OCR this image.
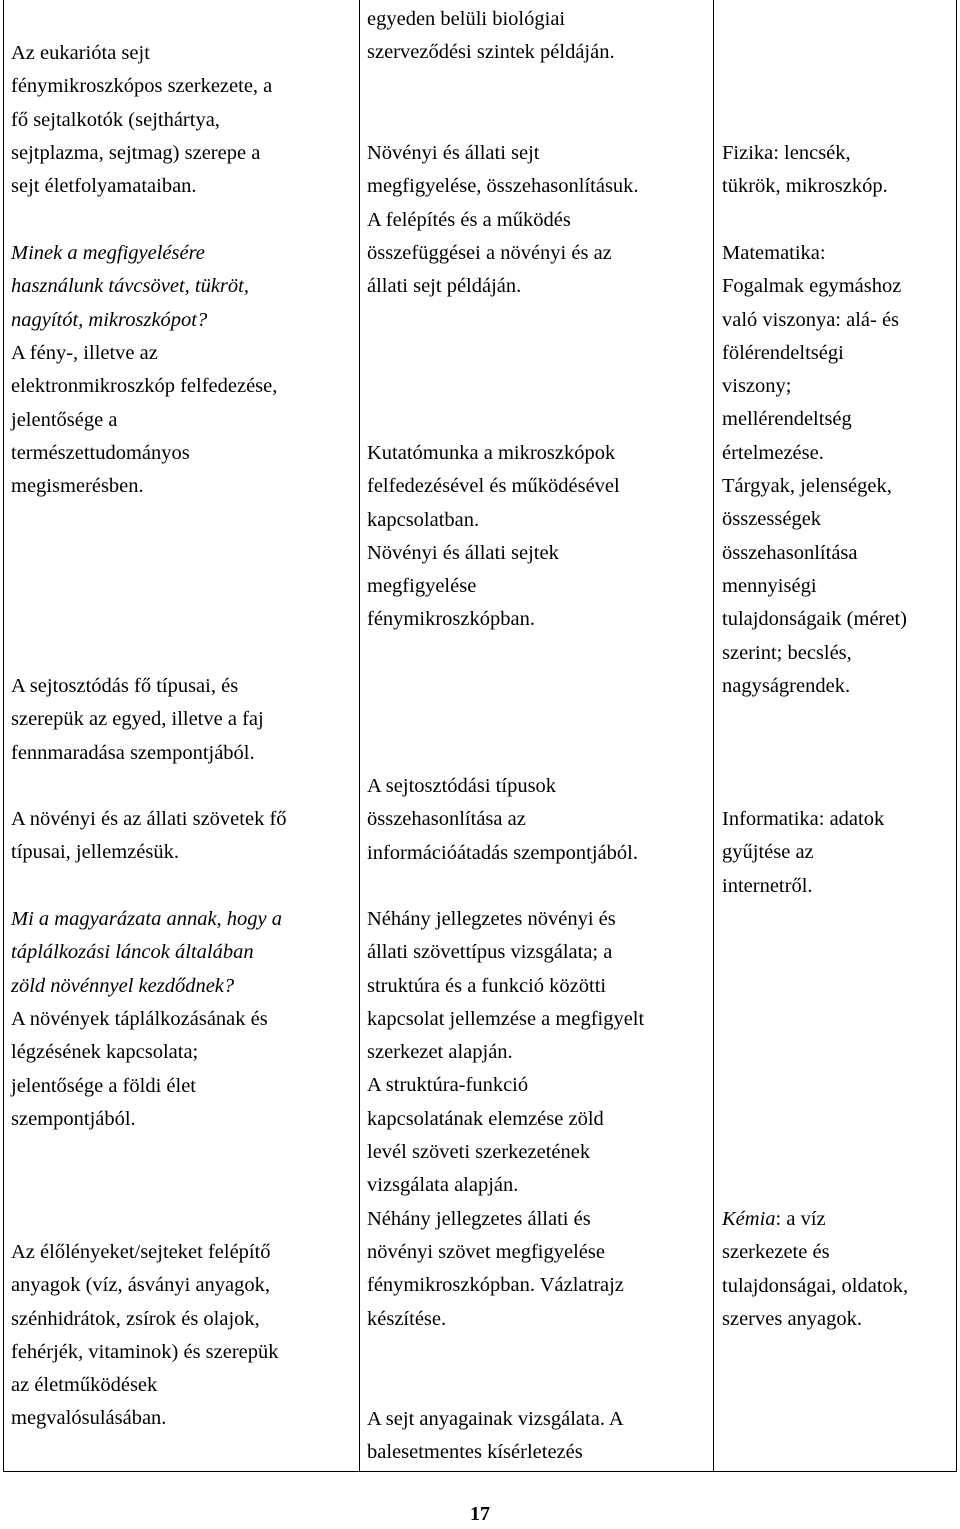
Az eukarióta sejt
fénymikroszkópos szerkezete, a
fő sejtalkotók (sejthártya,
sejtplazma, sejtmag) szerepe a
sejt életfolyamataiban.

Minek a megfigyelésére
használunk távcsövet, tükröt,
nagyítót, mikroszkópot?

A fény-, illetve az
elektronmikroszkóp felfedezése,
jelentősége a
természettudományos
megismerésben.

A sejtosztódás fő típusai, és
szerepük az egyed, illetve a faj
fennmaradása szempontjából.

A növényi és az állati szövetek fő
típusai, jellemzésük.

Mi a magyarázata annak, hogy a
táplálkozási láncok általában
zöld növénnyel kezdődnek?

A növények táplálkozásának és
légzésének kapcsolata;
jelentősége a földi élet
szempontjából.

Az élőlényeket/sejteket felépítő
anyagok (víz, ásványi anyagok,
szénhidrátok, zsírok és olajok,
fehérjék, vitaminok) és szerepük
az életműködések
megvalósulásában.

egyeden belüli biológiai
szerveződési szintek példáján.

Növényi és állati sejt
megfigyelése, összehasonlításuk.
A felépítés és a működés
összefüggései a növényi és az
állati sejt példáján.

Kutatómunka a mikroszkópok
felfedezésével és működésével
kapcsolatban.
Növényi és állati sejtek
megfigyelése
fénymikroszkópban.

A sejtosztódási típusok
összehasonlítása az
információátadás szempontjából.

Néhány jellegzetes növényi és
állati szövettípus vizsgálata; a
struktúra és a funkció közötti
kapcsolat jellemzése a megfigyelt
szerkezet alapján.
A struktúra-funkció
kapcsolatának elemzése zöld
levél szöveti szerkezetének
vizsgálata alapján.
Néhány jellegzetes állati és
növényi szövet megfigyelése
fénymikroszkópban. Vázlatrajz
készítése.

A sejt anyagainak vizsgálata. A
balesetmentes kísérletezés

Fizika: lencsék,
tükrök, mikroszkóp.

Matematika:
Fogalmak egymáshoz
való viszonya: alá- és
fölérendeltségi
viszony;
mellérendeltség
értelmezése.
Tárgyak, jelenségek,
összességek
összehasonlítása
mennyiségi
tulajdonságaik (méret)
szerint; becslés,
nagyságrendek.

Informatika: adatok
gyűjtése az
internetről.

Kémia: a víz
szerkezete és
tulajdonságai, oldatok,
szerves anyagok.

17
